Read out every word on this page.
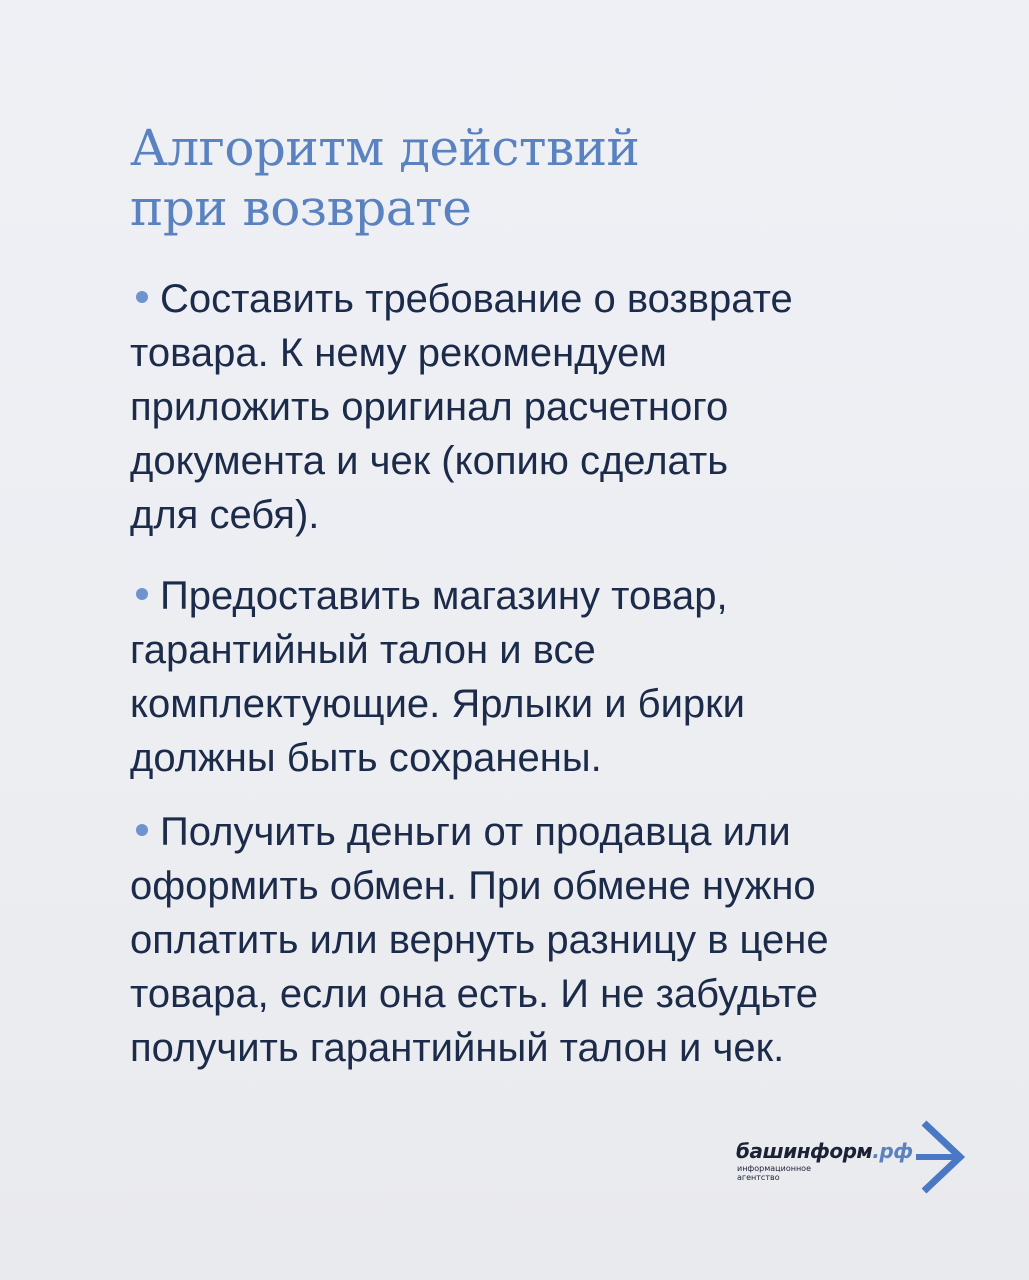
Алгоритм действий
при возврате

Составить требование о возврате
товара. К нему рекомендуем
приложить оригинал расчетного
документа и чек (копию сделать
для себя).

Предоставить магазину товар,
гарантийный талон и все
комплектующие. Ярлыки и бирки
должны быть сохранены.

Получить деньги от продавца или
оформить обмен. При обмене нужно
оплатить или вернуть разницу в цене
товара, если она есть. И не забудьте
получить гарантийный талон и чек.

башинформ.рф
информационное
агентство
